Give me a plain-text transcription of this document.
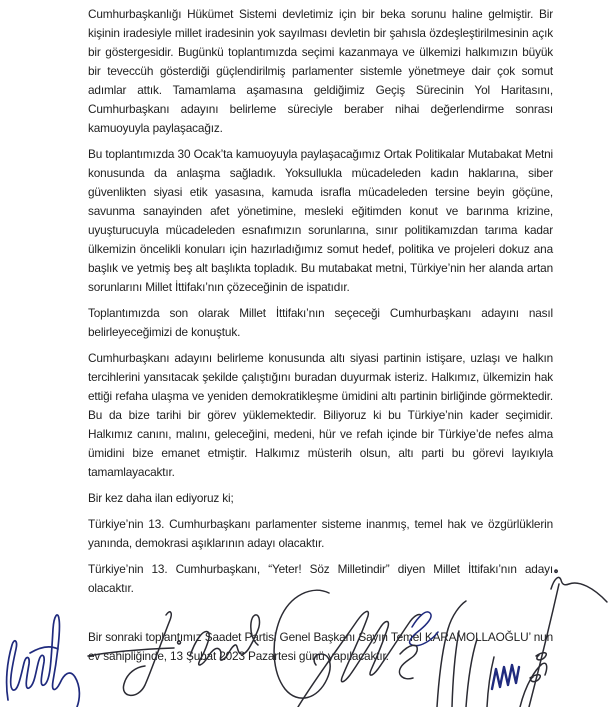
Cumhurbaşkanlığı Hükümet Sistemi devletimiz için bir beka sorunu haline gelmiştir. Bir kişinin iradesiyle millet iradesinin yok sayılması devletin bir şahısla özdeşleştirilmesinin açık bir göstergesidir. Bugünkü toplantımızda seçimi kazanmaya ve ülkemizi halkımızın büyük bir teveccüh gösterdiği güçlendirilmiş parlamenter sistemle yönetmeye dair çok somut adımlar attık. Tamamlama aşamasına geldiğimiz Geçiş Sürecinin Yol Haritasını, Cumhurbaşkanı adayını belirleme süreciyle beraber nihai değerlendirme sonrası kamuoyuyla paylaşacağız.

Bu toplantımızda 30 Ocak’ta kamuoyuyla paylaşacağımız Ortak Politikalar Mutabakat Metni konusunda da anlaşma sağladık. Yoksullukla mücadeleden kadın haklarına, siber güvenlikten siyasi etik yasasına, kamuda israfla mücadeleden tersine beyin göçüne, savunma sanayinden afet yönetimine, mesleki eğitimden konut ve barınma krizine, uyuşturucuyla mücadeleden esnafımızın sorunlarına, sınır politikamızdan tarıma kadar ülkemizin öncelikli konuları için hazırladığımız somut hedef, politika ve projeleri dokuz ana başlık ve yetmiş beş alt başlıkta topladık. Bu mutabakat metni, Türkiye’nin her alanda artan sorunlarını Millet İttifakı’nın çözeceğinin de ispatıdır.

Toplantımızda son olarak Millet İttifakı’nın seçeceği Cumhurbaşkanı adayını nasıl belirleyeceğimizi de konuştuk.

Cumhurbaşkanı adayını belirleme konusunda altı siyasi partinin istişare, uzlaşı ve halkın tercihlerini yansıtacak şekilde çalıştığını buradan duyurmak isteriz. Halkımız, ülkemizin hak ettiği refaha ulaşma ve yeniden demokratikleşme ümidini altı partinin birliğinde görmektedir. Bu da bize tarihi bir görev yüklemektedir. Biliyoruz ki bu Türkiye’nin kader seçimidir. Halkımız canını, malını, geleceğini, medeni, hür ve refah içinde bir Türkiye’de nefes alma ümidini bize emanet etmiştir. Halkımız müsterih olsun, altı parti bu görevi layıkıyla tamamlayacaktır.

Bir kez daha ilan ediyoruz ki;

Türkiye’nin 13. Cumhurbaşkanı parlamenter sisteme inanmış, temel hak ve özgürlüklerin yanında, demokrasi aşıklarının adayı olacaktır.

Türkiye’nin 13. Cumhurbaşkanı, “Yeter! Söz Milletindir” diyen Millet İttifakı’nın adayı olacaktır.

Bir sonraki toplantımız Saadet Partisi Genel Başkanı Sayın Temel KARAMOLLAOĞLU’ nun ev sahipliğinde, 13 Şubat 2023 Pazartesi günü yapılacaktır.
